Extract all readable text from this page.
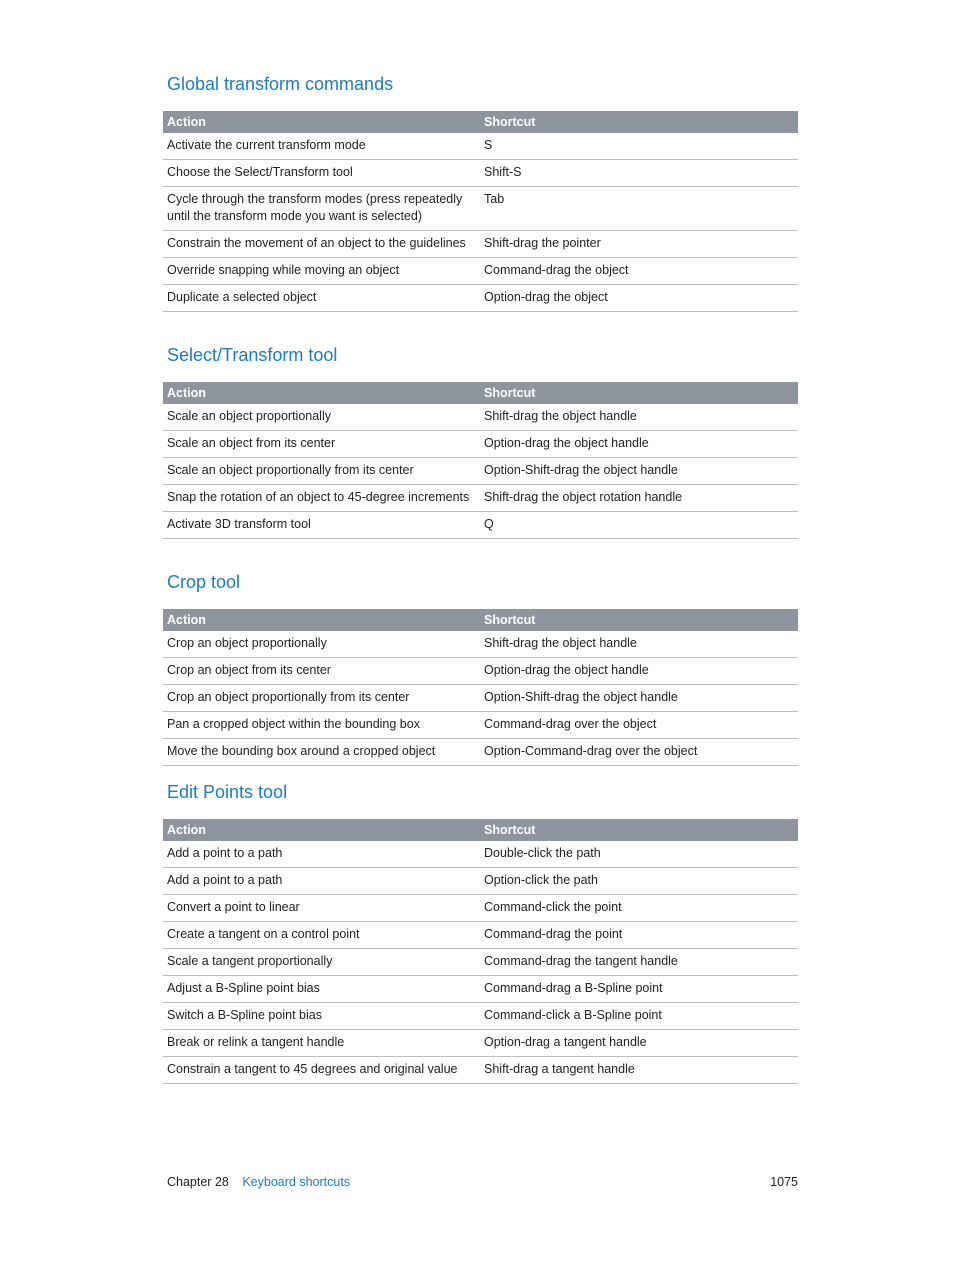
Global transform commands
Action	Shortcut
Activate the current transform mode	S
Choose the Select/Transform tool	Shift-S
Cycle through the transform modes (press repeatedly until the transform mode you want is selected)	Tab
Constrain the movement of an object to the guidelines	Shift-drag the pointer
Override snapping while moving an object	Command-drag the object
Duplicate a selected object	Option-drag the object
Select/Transform tool
Action	Shortcut
Scale an object proportionally	Shift-drag the object handle
Scale an object from its center	Option-drag the object handle
Scale an object proportionally from its center	Option-Shift-drag the object handle
Snap the rotation of an object to 45-degree increments	Shift-drag the object rotation handle
Activate 3D transform tool	Q
Crop tool
Action	Shortcut
Crop an object proportionally	Shift-drag the object handle
Crop an object from its center	Option-drag the object handle
Crop an object proportionally from its center	Option-Shift-drag the object handle
Pan a cropped object within the bounding box	Command-drag over the object
Move the bounding box around a cropped object	Option-Command-drag over the object
Edit Points tool
Action	Shortcut
Add a point to a path	Double-click the path
Add a point to a path	Option-click the path
Convert a point to linear	Command-click the point
Create a tangent on a control point	Command-drag the point
Scale a tangent proportionally	Command-drag the tangent handle
Adjust a B-Spline point bias	Command-drag a B-Spline point
Switch a B-Spline point bias	Command-click a B-Spline point
Break or relink a tangent handle	Option-drag a tangent handle
Constrain a tangent to 45 degrees and original value	Shift-drag a tangent handle
Chapter 28 Keyboard shortcuts	1075
